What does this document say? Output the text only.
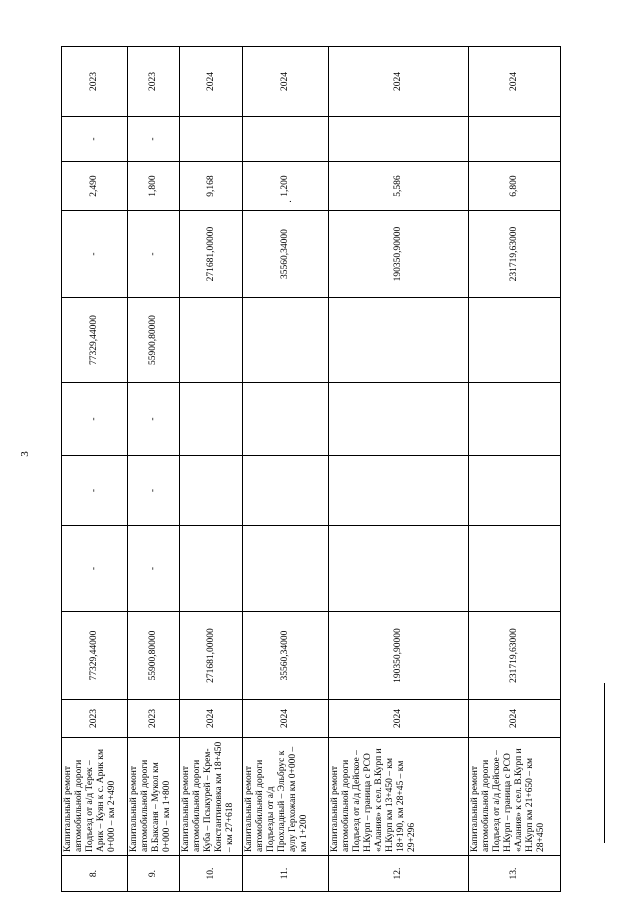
3
·
8.	Капитальный ремонт автомобильной дороги Подъезд от а/д Терек – Арик – Куян к с. Арик км 0+000 – км 2+490	2023	77329,44000	-	-	-	77329,44000	-	2,490	-	2023
9.	Капитальный ремонт автомобильной дороги В.Баксаня – Мукол км 0+000 – км 1+800	2023	55900,80000	-	-	-	55900,80000	-	1,800	-	2023
10.	Капитальный ремонт автомобильной дороги Куба – Псыкурей – Крем-Константиновка км 18+450 – км 27+618	2024	271681,00000					271681,00000	9,168		2024
11.	Капитальный ремонт автомобильной дороги Подъезды от а/д Прохладный – Эльбрус к аулу Герхожан км 0+000 – км 1+200	2024	35560,34000					35560,34000	1,200		2024
12.	Капитальный ремонт автомобильной дороги Подъезд от а/д Дейское – Н.Курп – граница с РСО «Алания» к сел. В.Курп и Н.Курп км 13+450 – км 18+190, км 28+45 – км 29+296	2024	190350,90000					190350,90000	5,586		2024
13.	Капитальный ремонт автомобильной дороги Подъезд от а/д Дейское – Н.Курп – граница с РСО «Алания» к сел. В.Курп и Н.Курп км 21+650 – км 28+450	2024	231719,63000					231719,63000	6,800		2024
